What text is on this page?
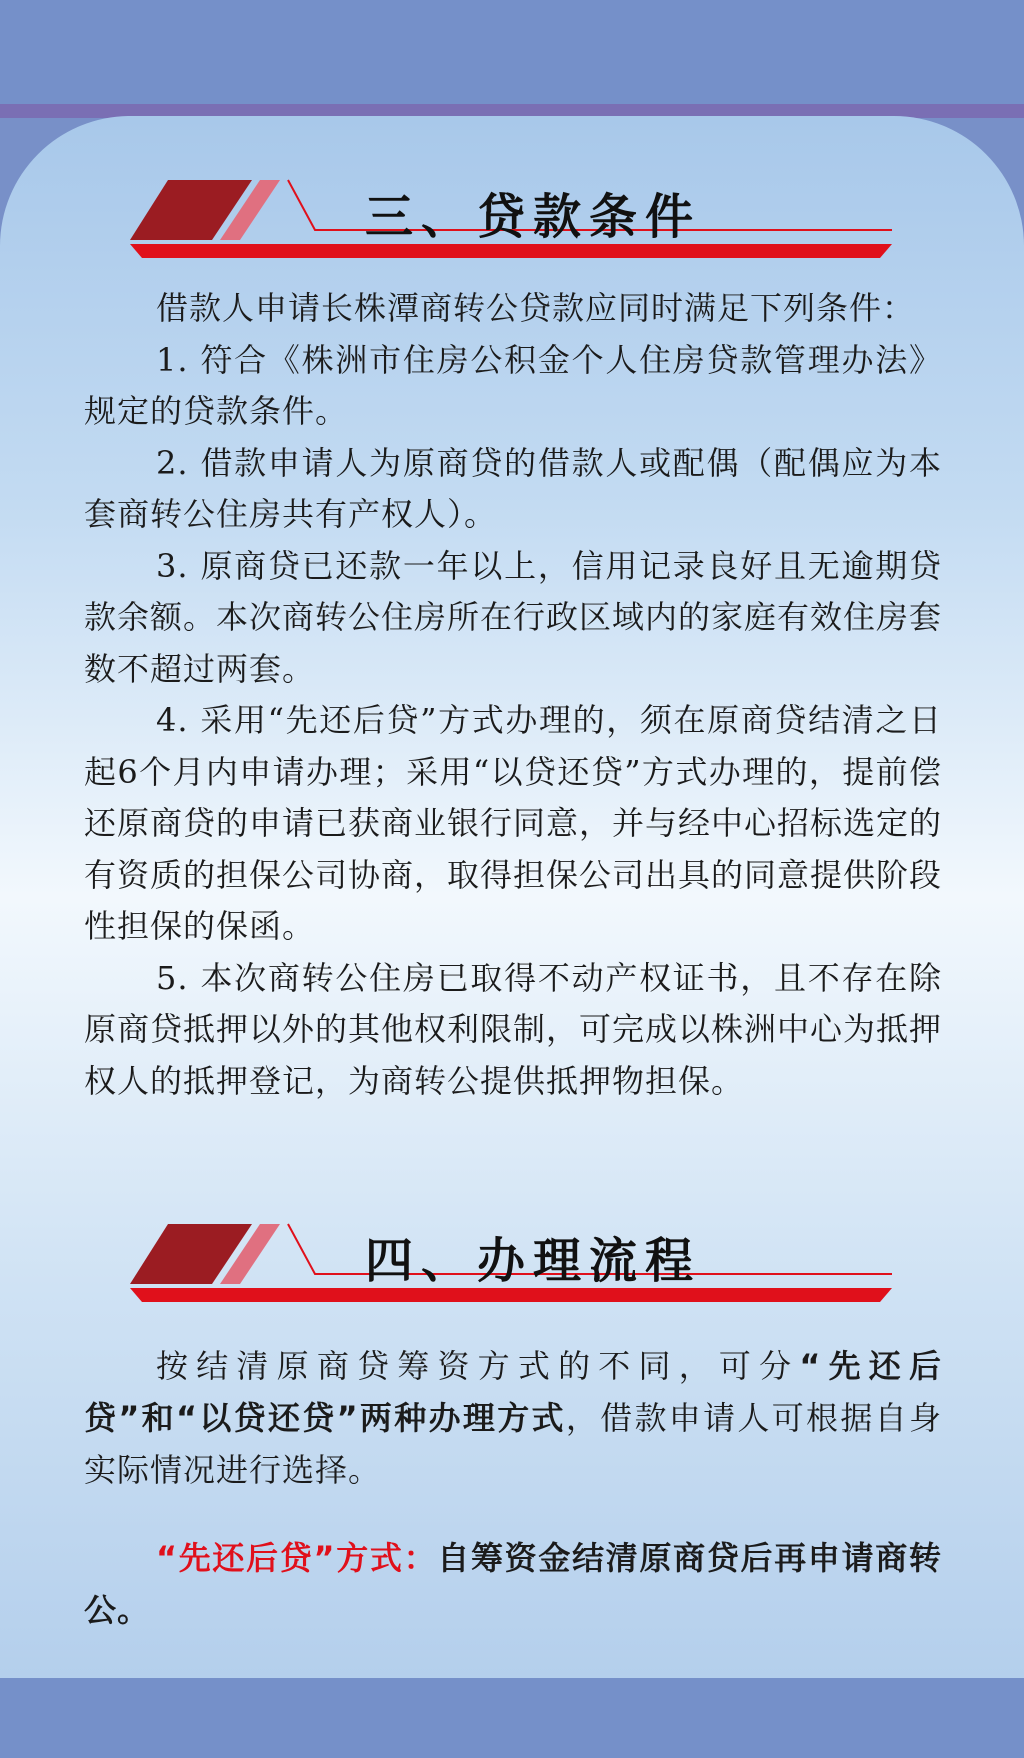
三、贷款条件

借款人申请长株潭商转公贷款应同时满足下列条件：

1. 符合《株洲市住房公积金个人住房贷款管理办法》规定的贷款条件。

2. 借款申请人为原商贷的借款人或配偶（配偶应为本套商转公住房共有产权人）。

3. 原商贷已还款一年以上，信用记录良好且无逾期贷款余额。本次商转公住房所在行政区域内的家庭有效住房套数不超过两套。

4. 采用“先还后贷”方式办理的，须在原商贷结清之日起6个月内申请办理；采用“以贷还贷”方式办理的，提前偿还原商贷的申请已获商业银行同意，并与经中心招标选定的有资质的担保公司协商，取得担保公司出具的同意提供阶段性担保的保函。

5. 本次商转公住房已取得不动产权证书，且不存在除原商贷抵押以外的其他权利限制，可完成以株洲中心为抵押权人的抵押登记，为商转公提供抵押物担保。

四、办理流程

按结清原商贷筹资方式的不同，可分“先还后贷”和“以贷还贷”两种办理方式，借款申请人可根据自身实际情况进行选择。

“先还后贷”方式：自筹资金结清原商贷后再申请商转公。
